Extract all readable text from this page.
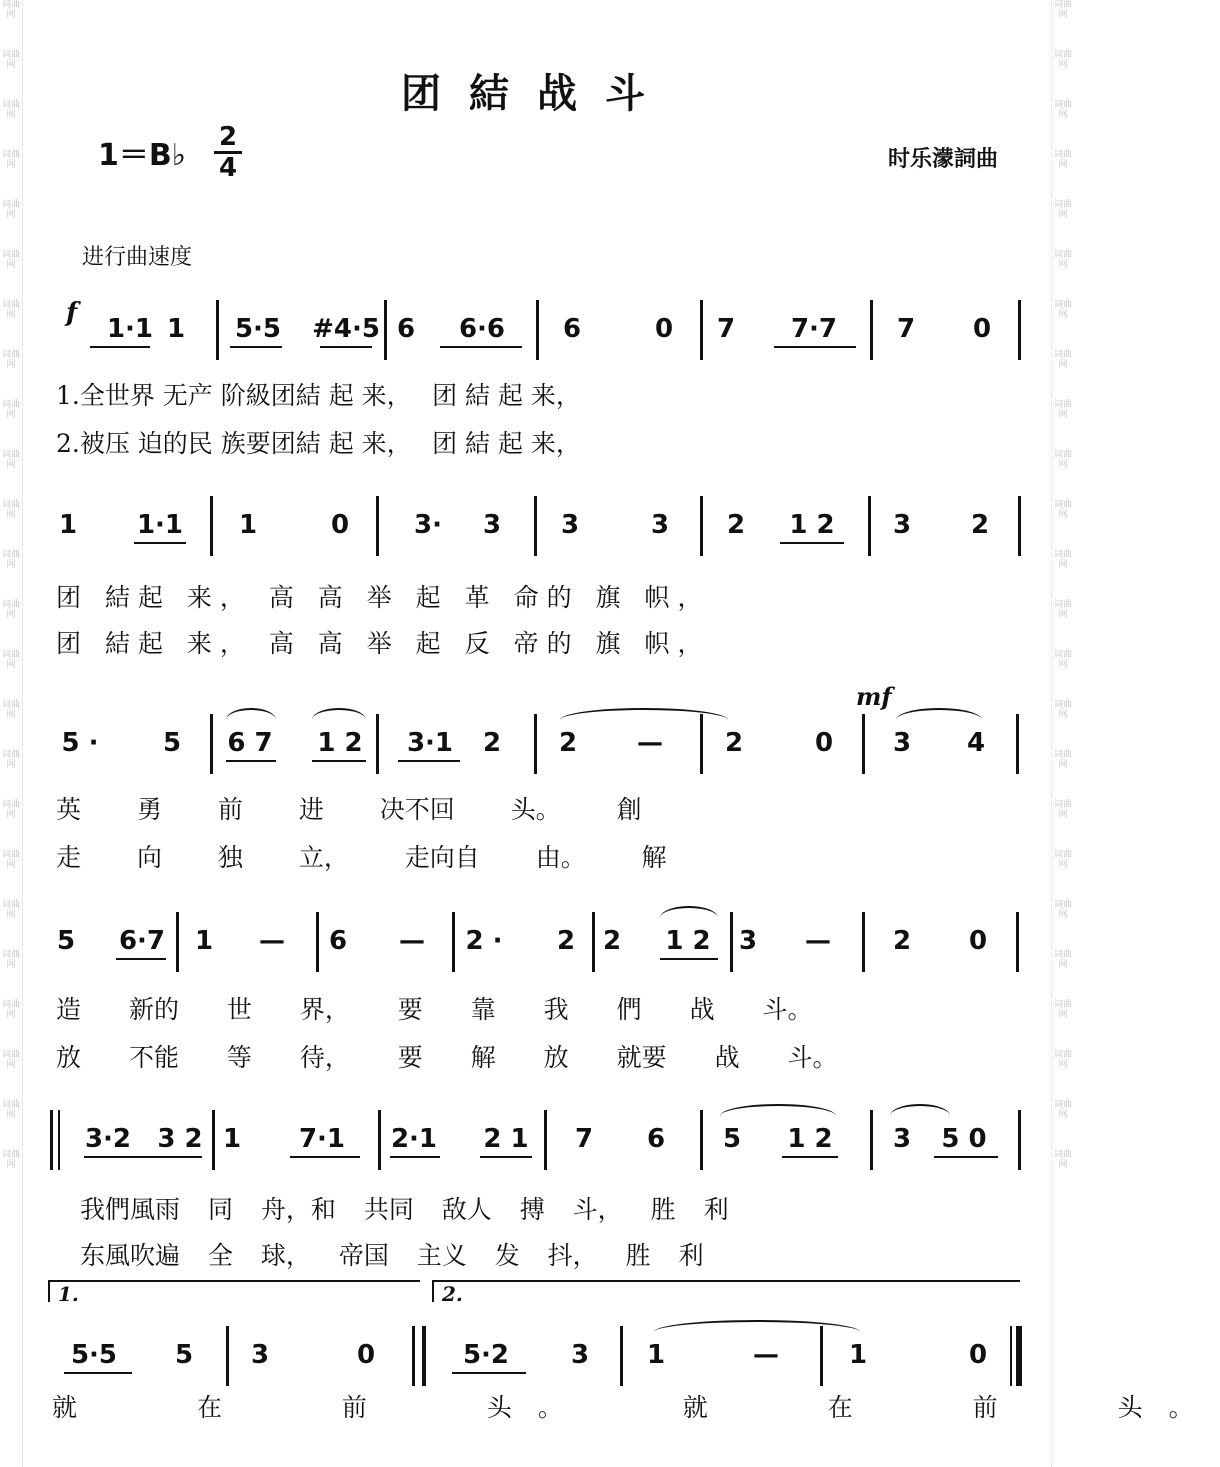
词曲网
词曲网
词曲网
词曲网
词曲网
词曲网
词曲网
词曲网
词曲网
词曲网
词曲网
词曲网
词曲网
词曲网
词曲网
词曲网
词曲网
词曲网
词曲网
词曲网
词曲网
词曲网
词曲网
词曲网
词曲网
词曲网
词曲网
词曲网
词曲网
词曲网
词曲网
词曲网
词曲网
词曲网
词曲网
词曲网
词曲网
词曲网
词曲网
词曲网
词曲网
词曲网
词曲网
词曲网
词曲网
词曲网
词曲网
词曲网
团結战斗
1＝B♭
2
4	时乐濛詞曲
进行曲速度
f
mf
1·1 1 5·5 #4·5 6 6·6 6	0 7 7·7 7 0
1.全世界 无产 阶級团結 起 来，　 团 結 起 来，
2.被压 迫的民 族要团結 起 来，　 团 結 起 来，
1 1·1 1	0 3· 3 3	3 2 1 2 3 2
团 結起 来， 高 高 举 起 革 命的 旗 帜，
团 結起 来， 高 高 举 起 反 帝的 旗 帜，
5 · 5 6 7 1 2 3·1 2 2 — 2	0 3 4
英 勇 前 进 决不回 头。 創
走 向 独 立， 走向自 由。 解
5 6·7 1 — 6 — 2 · 2 2 1 2 3 — 2 0
造 新的 世 界， 要 靠 我 們 战 斗。
放 不能 等 待， 要 解 放 就要 战 斗。
3·2 3 2 1 7·1 2·1 2 1 7 6 5 1 2 3 5 0
我們風雨 同 舟，和 共同 敌人 搏 斗， 胜 利
东風吹遍 全 球， 帝国 主义 发 抖， 胜 利
1.	2.
5·5 5 3	0	5·2 3 1	—	1	0
就 在 前 头。 就 在 前 头。
